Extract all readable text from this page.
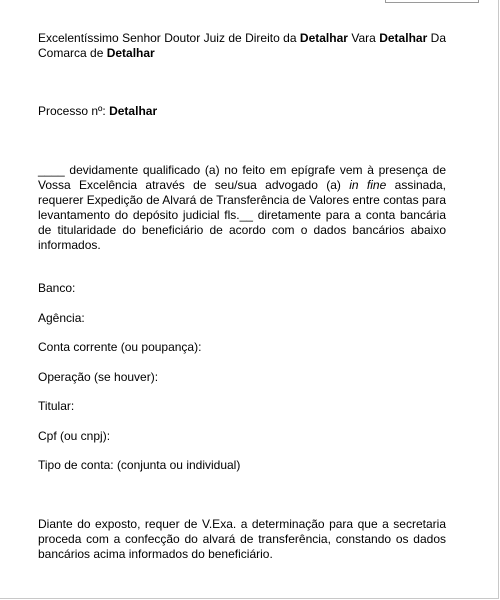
Excelentíssimo Senhor Doutor Juiz de Direito da Detalhar Vara Detalhar Da Comarca de Detalhar
Processo nº: Detalhar
____ devidamente qualificado (a) no feito em epígrafe vem à presença de Vossa Excelência através de seu/sua advogado (a) in fine assinada, requerer Expedição de Alvará de Transferência de Valores entre contas para levantamento do depósito judicial fls.__ diretamente para a conta bancária de titularidade do beneficiário de acordo com o dados bancários abaixo informados.
Banco:
Agência:
Conta corrente (ou poupança):
Operação (se houver):
Titular:
Cpf (ou cnpj):
Tipo de conta: (conjunta ou individual)
Diante do exposto, requer de V.Exa. a determinação para que a secretaria proceda com a confecção do alvará de transferência, constando os dados bancários acima informados do beneficiário.
